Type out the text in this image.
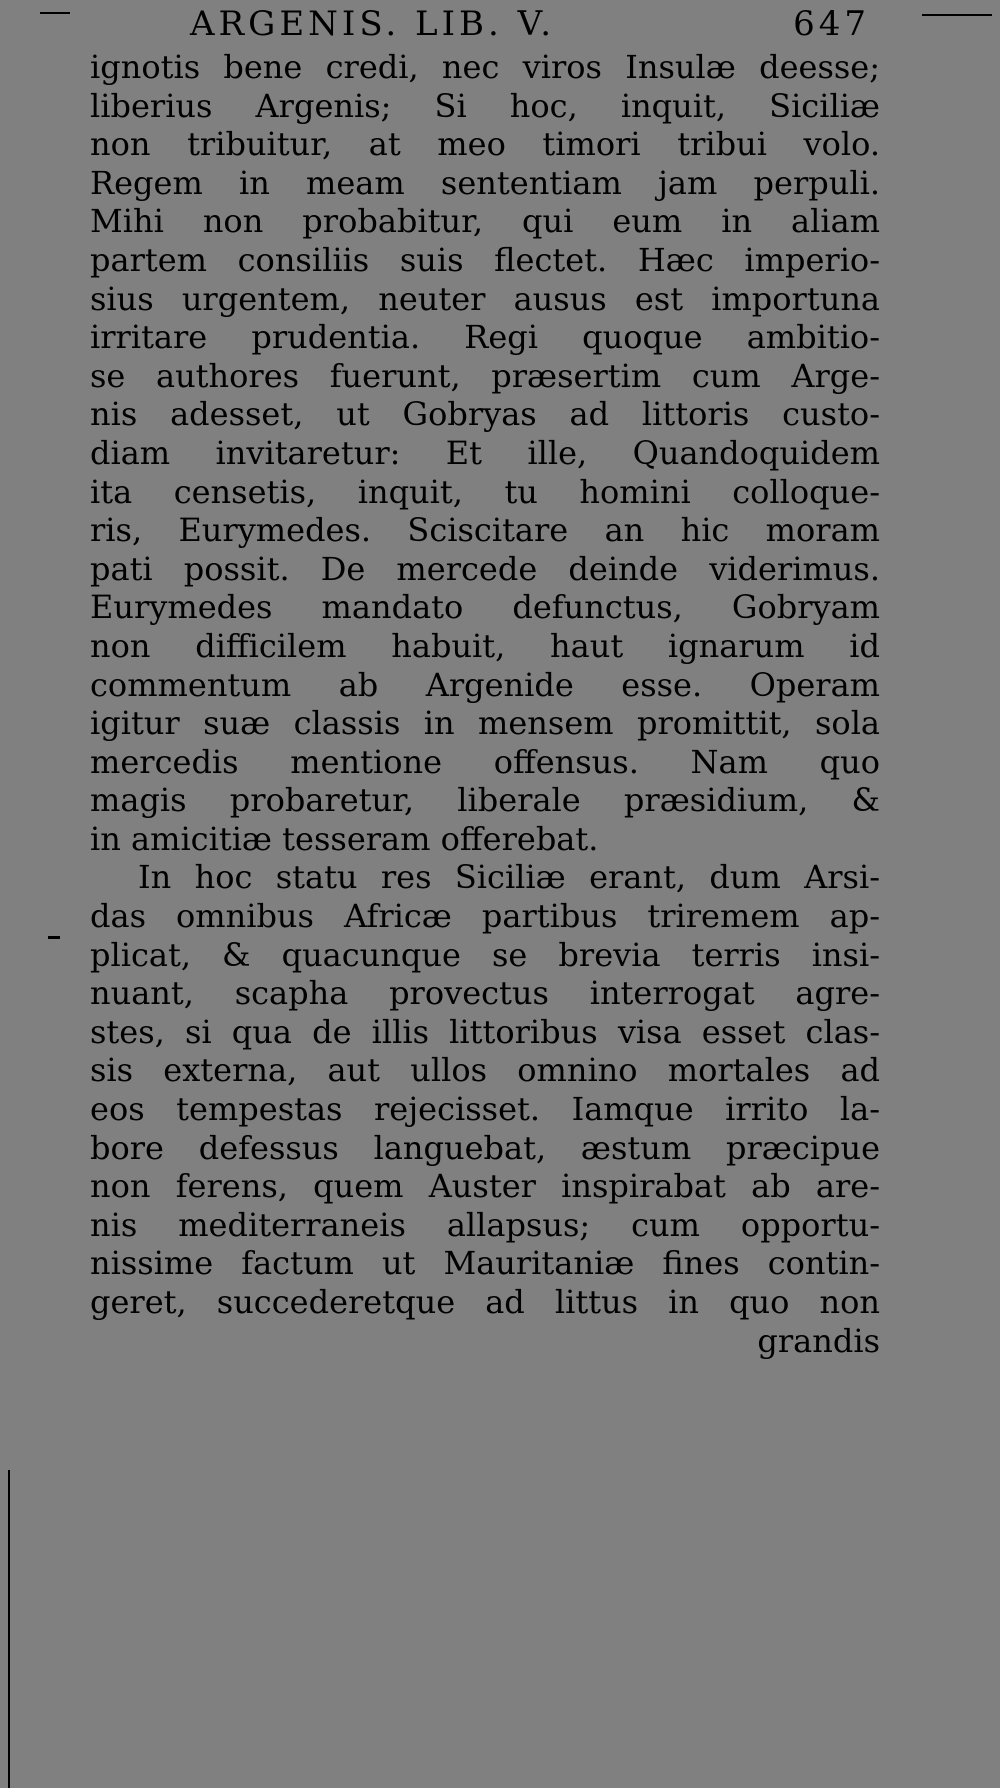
ARGENIS. LIB. V.	647
ignotis bene credi, nec viros Insulæ deesse;
liberius Argenis; Si hoc, inquit, Siciliæ
non tribuitur, at meo timori tribui volo.
Regem in meam sententiam jam perpuli.
Mihi non probabitur, qui eum in aliam
partem consiliis suis flectet. Hæc imperio-
sius urgentem, neuter ausus est importuna
irritare prudentia. Regi quoque ambitio-
se authores fuerunt, præsertim cum Arge-
nis adesset, ut Gobryas ad littoris custo-
diam invitaretur: Et ille, Quandoquidem
ita censetis, inquit, tu homini colloque-
ris, Eurymedes. Sciscitare an hic moram
pati possit. De mercede deinde viderimus.
Eurymedes mandato defunctus, Gobryam
non difficilem habuit, haut ignarum id
commentum ab Argenide esse. Operam
igitur suæ classis in mensem promittit, sola
mercedis mentione offensus. Nam quo
magis probaretur, liberale præsidium, &
in amicitiæ tesseram offerebat.
In hoc statu res Siciliæ erant, dum Arsi-
das omnibus Africæ partibus triremem ap-
plicat, & quacunque se brevia terris insi-
nuant, scapha provectus interrogat agre-
stes, si qua de illis littoribus visa esset clas-
sis externa, aut ullos omnino mortales ad
eos tempestas rejecisset. Iamque irrito la-
bore defessus languebat, æstum præcipue
non ferens, quem Auster inspirabat ab are-
nis mediterraneis allapsus; cum opportu-
nissime factum ut Mauritaniæ fines contin-
geret, succederetque ad littus in quo non
grandis
